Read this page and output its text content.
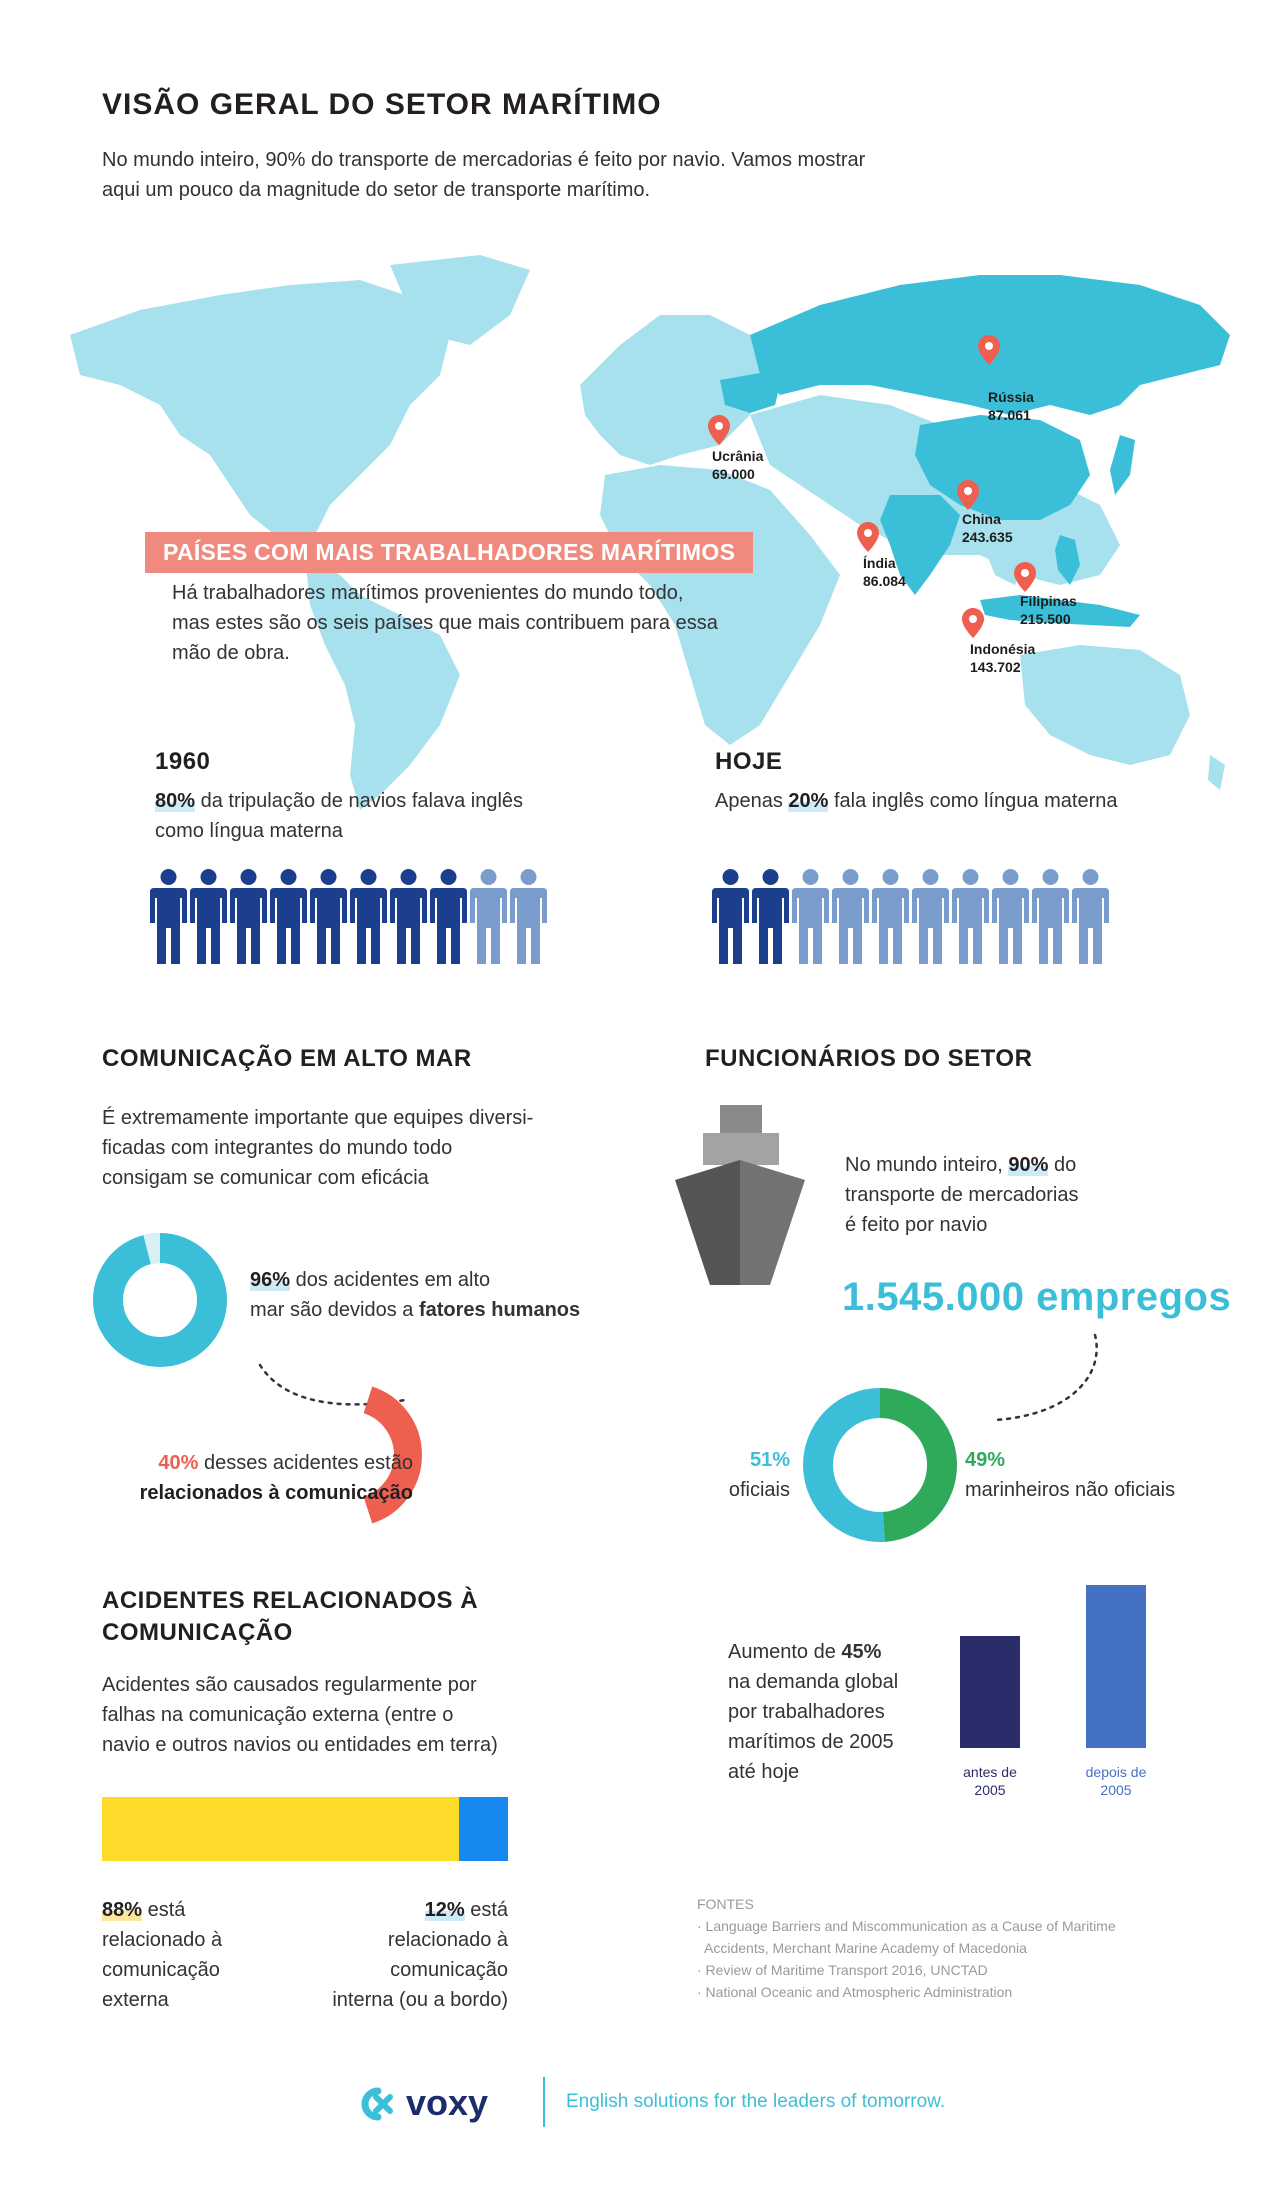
VISÃO GERAL DO SETOR MARÍTIMO
No mundo inteiro, 90% do transporte de mercadorias é feito por navio. Vamos mostrar
aqui um pouco da magnitude do setor de transporte marítimo.
Rússia
87.061
Ucrânia
69.000
China
243.635
Índia
86.084
Filipinas
215.500
Indonésia
143.702
PAÍSES COM MAIS TRABALHADORES MARÍTIMOS
Há trabalhadores marítimos provenientes do mundo todo,
mas estes são os seis países que mais contribuem para essa
mão de obra.
1960
80% da tripulação de navios falava inglês
como língua materna
HOJE
Apenas 20% fala inglês como língua materna
COMUNICAÇÃO EM ALTO MAR
É extremamente importante que equipes diversi-
ficadas com integrantes do mundo todo
consigam se comunicar com eficácia
96% dos acidentes em alto
mar são devidos a fatores humanos
40% desses acidentes estão
relacionados à comunicação
FUNCIONÁRIOS DO SETOR
No mundo inteiro, 90% do
transporte de mercadorias
é feito por navio
1.545.000 empregos
51%
oficiais
49%
marinheiros não oficiais
ACIDENTES RELACIONADOS À
COMUNICAÇÃO
Acidentes são causados regularmente por
falhas na comunicação externa (entre o
navio e outros navios ou entidades em terra)
88% está
relacionado à
comunicação
externa
12% está
relacionado à
comunicação
interna (ou a bordo)
Aumento de 45%
na demanda global
por trabalhadores
marítimos de 2005
até hoje	antes de
2005
depois de
2005
FONTES
· Language Barriers and Miscommunication as a Cause of Maritime
Accidents, Merchant Marine Academy of Macedonia
· Review of Maritime Transport 2016, UNCTAD
· National Oceanic and Atmospheric Administration
voxy	English solutions for the leaders of tomorrow.
